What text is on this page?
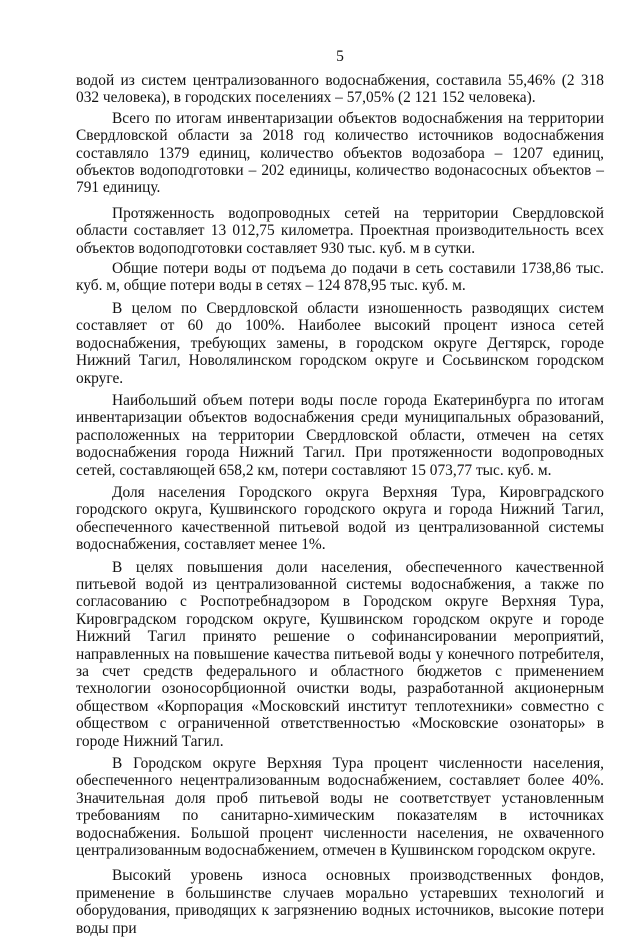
5

водой из систем централизованного водоснабжения, составила 55,46% (2 318 032 человека), в городских поселениях – 57,05% (2 121 152 человека).

Всего по итогам инвентаризации объектов водоснабжения на территории Свердловской области за 2018 год количество источников водоснабжения составляло 1379 единиц, количество объектов водозабора – 1207 единиц, объектов водоподготовки – 202 единицы, количество водонасосных объектов – 791 единицу.

Протяженность водопроводных сетей на территории Свердловской области составляет 13 012,75 километра. Проектная производительность всех объектов водоподготовки составляет 930 тыс. куб. м в сутки.

Общие потери воды от подъема до подачи в сеть составили 1738,86 тыс. куб. м, общие потери воды в сетях – 124 878,95 тыс. куб. м.

В целом по Свердловской области изношенность разводящих систем составляет от 60 до 100%. Наиболее высокий процент износа сетей водоснабжения, требующих замены, в городском округе Дегтярск, городе Нижний Тагил, Новолялинском городском округе и Сосьвинском городском округе.

Наибольший объем потери воды после города Екатеринбурга по итогам инвентаризации объектов водоснабжения среди муниципальных образований, расположенных на территории Свердловской области, отмечен на сетях водоснабжения города Нижний Тагил. При протяженности водопроводных сетей, составляющей 658,2 км, потери составляют 15 073,77 тыс. куб. м.

Доля населения Городского округа Верхняя Тура, Кировградского городского округа, Кушвинского городского округа и города Нижний Тагил, обеспеченного качественной питьевой водой из централизованной системы водоснабжения, составляет менее 1%.

В целях повышения доли населения, обеспеченного качественной питьевой водой из централизованной системы водоснабжения, а также по согласованию с Роспотребнадзором в Городском округе Верхняя Тура, Кировградском городском округе, Кушвинском городском округе и городе Нижний Тагил принято решение о софинансировании мероприятий, направленных на повышение качества питьевой воды у конечного потребителя, за счет средств федерального и областного бюджетов с применением технологии озоносорбционной очистки воды, разработанной акционерным обществом «Корпорация «Московский институт теплотехники» совместно с обществом с ограниченной ответственностью «Московские озонаторы» в городе Нижний Тагил.

В Городском округе Верхняя Тура процент численности населения, обеспеченного нецентрализованным водоснабжением, составляет более 40%. Значительная доля проб питьевой воды не соответствует установленным требованиям по санитарно-химическим показателям в источниках водоснабжения. Большой процент численности населения, не охваченного централизованным водоснабжением, отмечен в Кушвинском городском округе.

Высокий уровень износа основных производственных фондов, применение в большинстве случаев морально устаревших технологий и оборудования, приводящих к загрязнению водных источников, высокие потери воды при
